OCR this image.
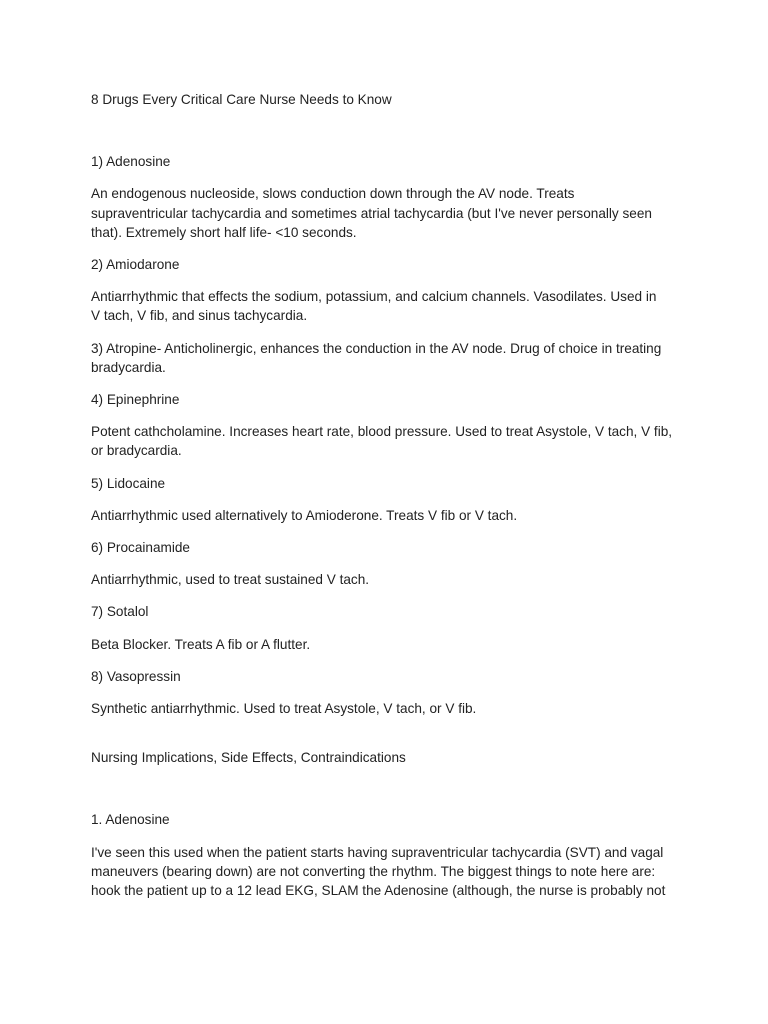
8 Drugs Every Critical Care Nurse Needs to Know

1) Adenosine

An endogenous nucleoside, slows conduction down through the AV node. Treats

supraventricular tachycardia and sometimes atrial tachycardia (but I've never personally seen

that). Extremely short half life- <10 seconds.

2) Amiodarone

Antiarrhythmic that effects the sodium, potassium, and calcium channels. Vasodilates. Used in

V tach, V fib, and sinus tachycardia.

3) Atropine- Anticholinergic, enhances the conduction in the AV node. Drug of choice in treating

bradycardia.

4) Epinephrine

Potent cathcholamine. Increases heart rate, blood pressure. Used to treat Asystole, V tach, V fib,

or bradycardia.

5) Lidocaine

Antiarrhythmic used alternatively to Amioderone. Treats V fib or V tach.

6) Procainamide

Antiarrhythmic, used to treat sustained V tach.

7) Sotalol

Beta Blocker. Treats A fib or A flutter.

8) Vasopressin

Synthetic antiarrhythmic. Used to treat Asystole, V tach, or V fib.

Nursing Implications, Side Effects, Contraindications

1. Adenosine

I've seen this used when the patient starts having supraventricular tachycardia (SVT) and vagal

maneuvers (bearing down) are not converting the rhythm. The biggest things to note here are:

hook the patient up to a 12 lead EKG, SLAM the Adenosine (although, the nurse is probably not
